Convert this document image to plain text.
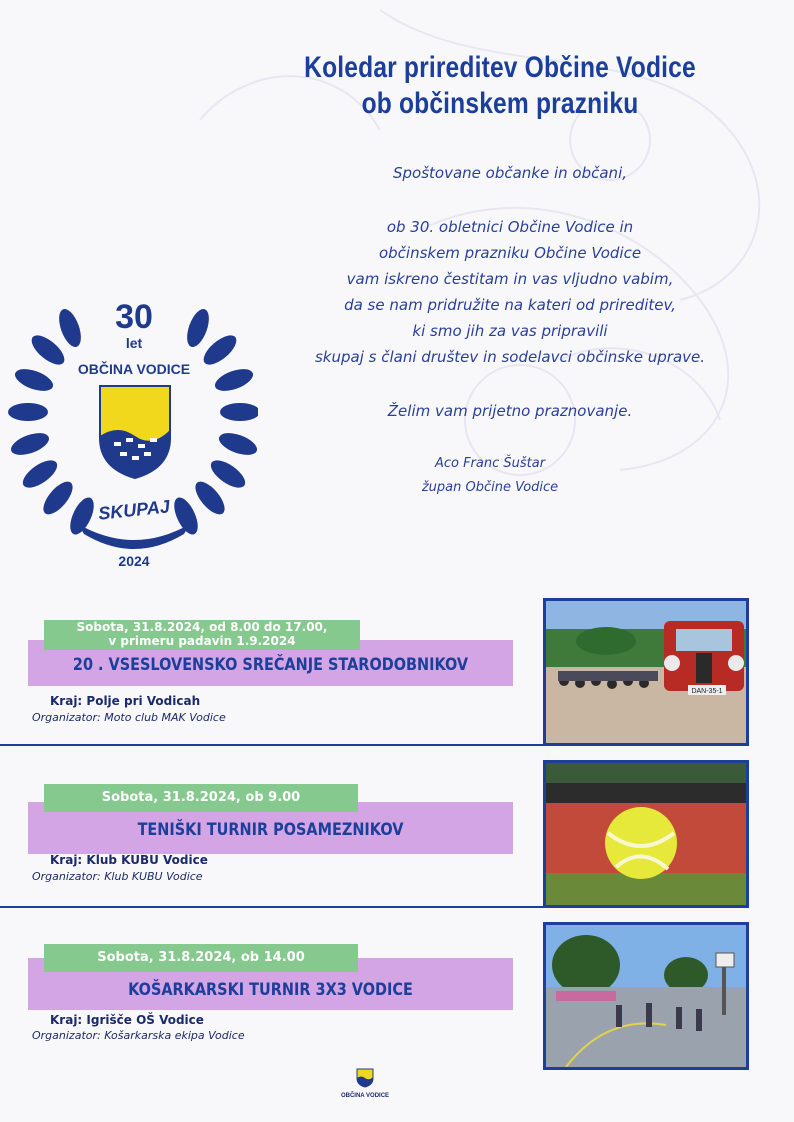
Koledar prireditev Občine Vodice
ob občinskem prazniku
Spoštovane občanke in občani,
ob 30. obletnici Občine Vodice in
občinskem prazniku Občine Vodice
vam iskreno čestitam in vas vljudno vabim,
da se nam pridružite na kateri od prireditev,
ki smo jih za vas pripravili
skupaj s člani društev in sodelavci občinske uprave.
Želim vam prijetno praznovanje.
Aco Franc Šuštar
župan Občine Vodice
30
let
OBČINA VODICE
SKUPAJ
2024
Sobota, 31.8.2024, od 8.00 do 17.00,
v primeru padavin 1.9.2024
20 . VSESLOVENSKO SREČANJE STARODOBNIKOV
Kraj: Polje pri Vodicah
Organizator: Moto club MAK Vodice
DAN-35-1
Sobota, 31.8.2024, ob 9.00
TENIŠKI TURNIR POSAMEZNIKOV
Kraj: Klub KUBU Vodice
Organizator: Klub KUBU Vodice
Sobota, 31.8.2024, ob 14.00
KOŠARKARSKI TURNIR 3X3 VODICE
Kraj: Igrišče OŠ Vodice
Organizator: Košarkarska ekipa Vodice
OBČINA VODICE
